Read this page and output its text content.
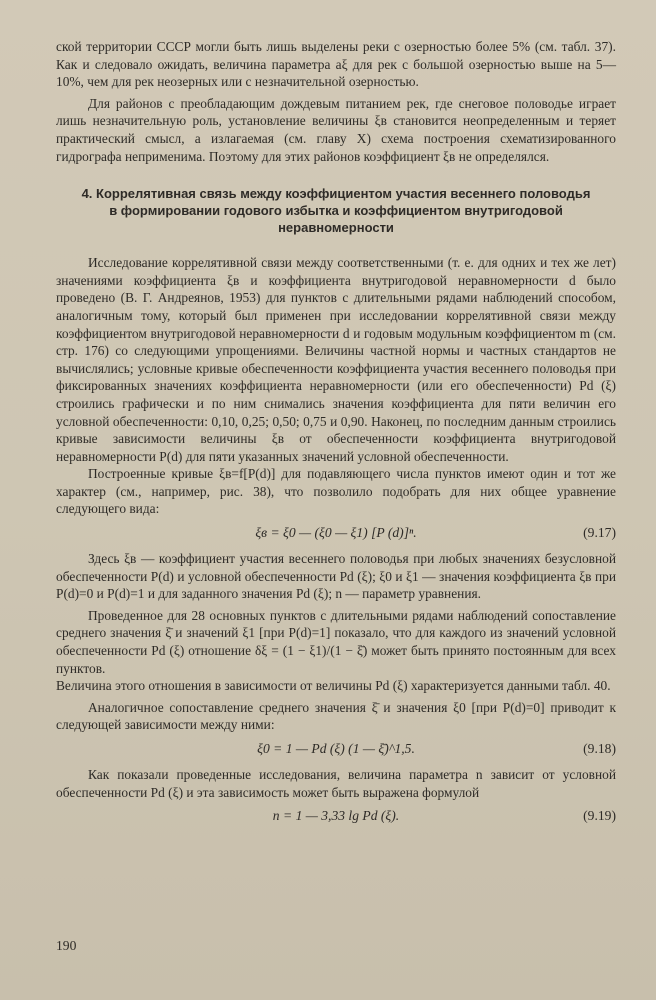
ской территории СССР могли быть лишь выделены реки с озерностью более 5% (см. табл. 37). Как и следовало ожидать, величина параметра aξ для рек с большой озерностью выше на 5—10%, чем для рек неозерных или с незначительной озерностью.

Для районов с преобладающим дождевым питанием рек, где снеговое половодье играет лишь незначительную роль, установление величины ξв становится неопределенным и теряет практический смысл, а излагаемая (см. главу X) схема построения схематизированного гидрографа неприменима. Поэтому для этих районов коэффициент ξв не определялся.

4. Коррелятивная связь между коэффициентом участия весеннего половодья в формировании годового избытка и коэффициентом внутригодовой неравномерности

Исследование коррелятивной связи между соответственными (т. е. для одних и тех же лет) значениями коэффициента ξв и коэффициента внутригодовой неравномерности d было проведено (В. Г. Андреянов, 1953) для пунктов с длительными рядами наблюдений способом, аналогичным тому, который был применен при исследовании коррелятивной связи между коэффициентом внутригодовой неравномерности d и годовым модульным коэффициентом m (см. стр. 176) со следующими упрощениями. Величины частной нормы и частных стандартов не вычислялись; условные кривые обеспеченности коэффициента участия весеннего половодья при фиксированных значениях коэффициента неравномерности (или его обеспеченности) Pd (ξ) строились графически и по ним снимались значения коэффициента для пяти величин его условной обеспеченности: 0,10, 0,25; 0,50; 0,75 и 0,90. Наконец, по последним данным строились кривые зависимости величины ξв от обеспеченности коэффициента внутригодовой неравномерности P(d) для пяти указанных значений условной обеспеченности.

Построенные кривые ξв=f[P(d)] для подавляющего числа пунктов имеют один и тот же характер (см., например, рис. 38), что позволило подобрать для них общее уравнение следующего вида:

ξв = ξ0 — (ξ0 — ξ1) [P (d)]ⁿ.	(9.17)

Здесь ξв — коэффициент участия весеннего половодья при любых значениях безусловной обеспеченности P(d) и условной обеспеченности Pd (ξ); ξ0 и ξ1 — значения коэффициента ξв при P(d)=0 и P(d)=1 и для заданного значения Pd (ξ); n — параметр уравнения.

Проведенное для 28 основных пунктов с длительными рядами наблюдений сопоставление среднего значения ξ̄ и значений ξ1 [при P(d)=1] показало, что для каждого из значений условной обеспеченности Pd (ξ) отношение δξ = (1 − ξ1)/(1 − ξ̄) может быть принято постоянным для всех пунктов.

Величина этого отношения в зависимости от величины Pd (ξ) характеризуется данными табл. 40.

Аналогичное сопоставление среднего значения ξ̄ и значения ξ0 [при P(d)=0] приводит к следующей зависимости между ними:

ξ0 = 1 — Pd (ξ) (1 — ξ̄)^1,5.	(9.18)

Как показали проведенные исследования, величина параметра n зависит от условной обеспеченности Pd (ξ) и эта зависимость может быть выражена формулой

n = 1 — 3,33 lg Pd (ξ).	(9.19)
190
